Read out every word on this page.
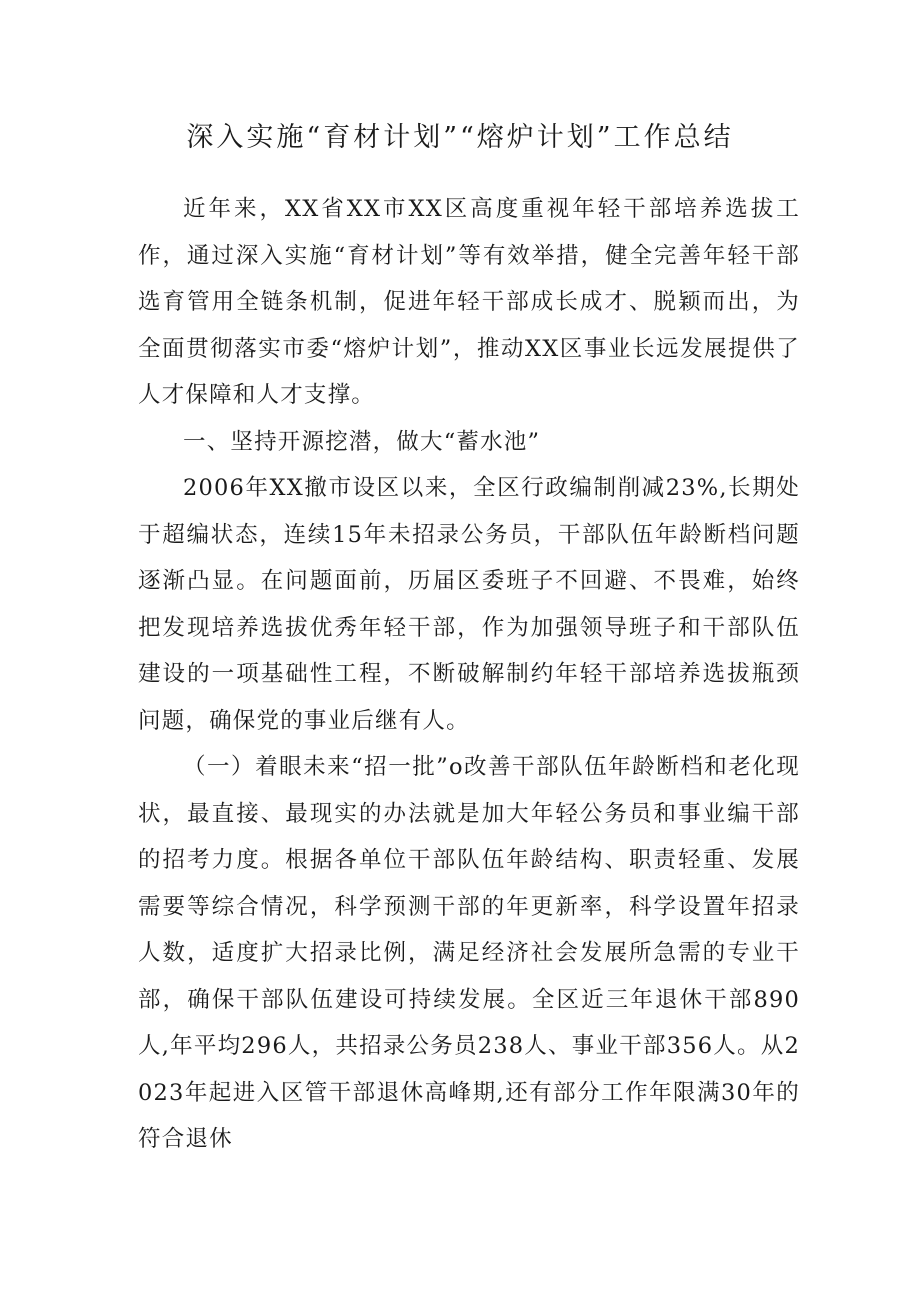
深入实施“育材计划”“熔炉计划”工作总结

近年来，XX省XX市XX区高度重视年轻干部培养选拔工作，通过深入实施“育材计划”等有效举措，健全完善年轻干部选育管用全链条机制，促进年轻干部成长成才、脱颖而出，为全面贯彻落实市委“熔炉计划”，推动XX区事业长远发展提供了人才保障和人才支撑。

一、坚持开源挖潜，做大“蓄水池”

2006年XX撤市设区以来，全区行政编制削减23%,长期处于超编状态，连续15年未招录公务员，干部队伍年龄断档问题逐渐凸显。在问题面前，历届区委班子不回避、不畏难，始终把发现培养选拔优秀年轻干部，作为加强领导班子和干部队伍建设的一项基础性工程，不断破解制约年轻干部培养选拔瓶颈问题，确保党的事业后继有人。

（一）着眼未来“招一批”o改善干部队伍年龄断档和老化现状，最直接、最现实的办法就是加大年轻公务员和事业编干部的招考力度。根据各单位干部队伍年龄结构、职责轻重、发展需要等综合情况，科学预测干部的年更新率，科学设置年招录人数，适度扩大招录比例，满足经济社会发展所急需的专业干部，确保干部队伍建设可持续发展。全区近三年退休干部890人,年平均296人，共招录公务员238人、事业干部356人。从2023年起进入区管干部退休高峰期,还有部分工作年限满30年的符合退休
